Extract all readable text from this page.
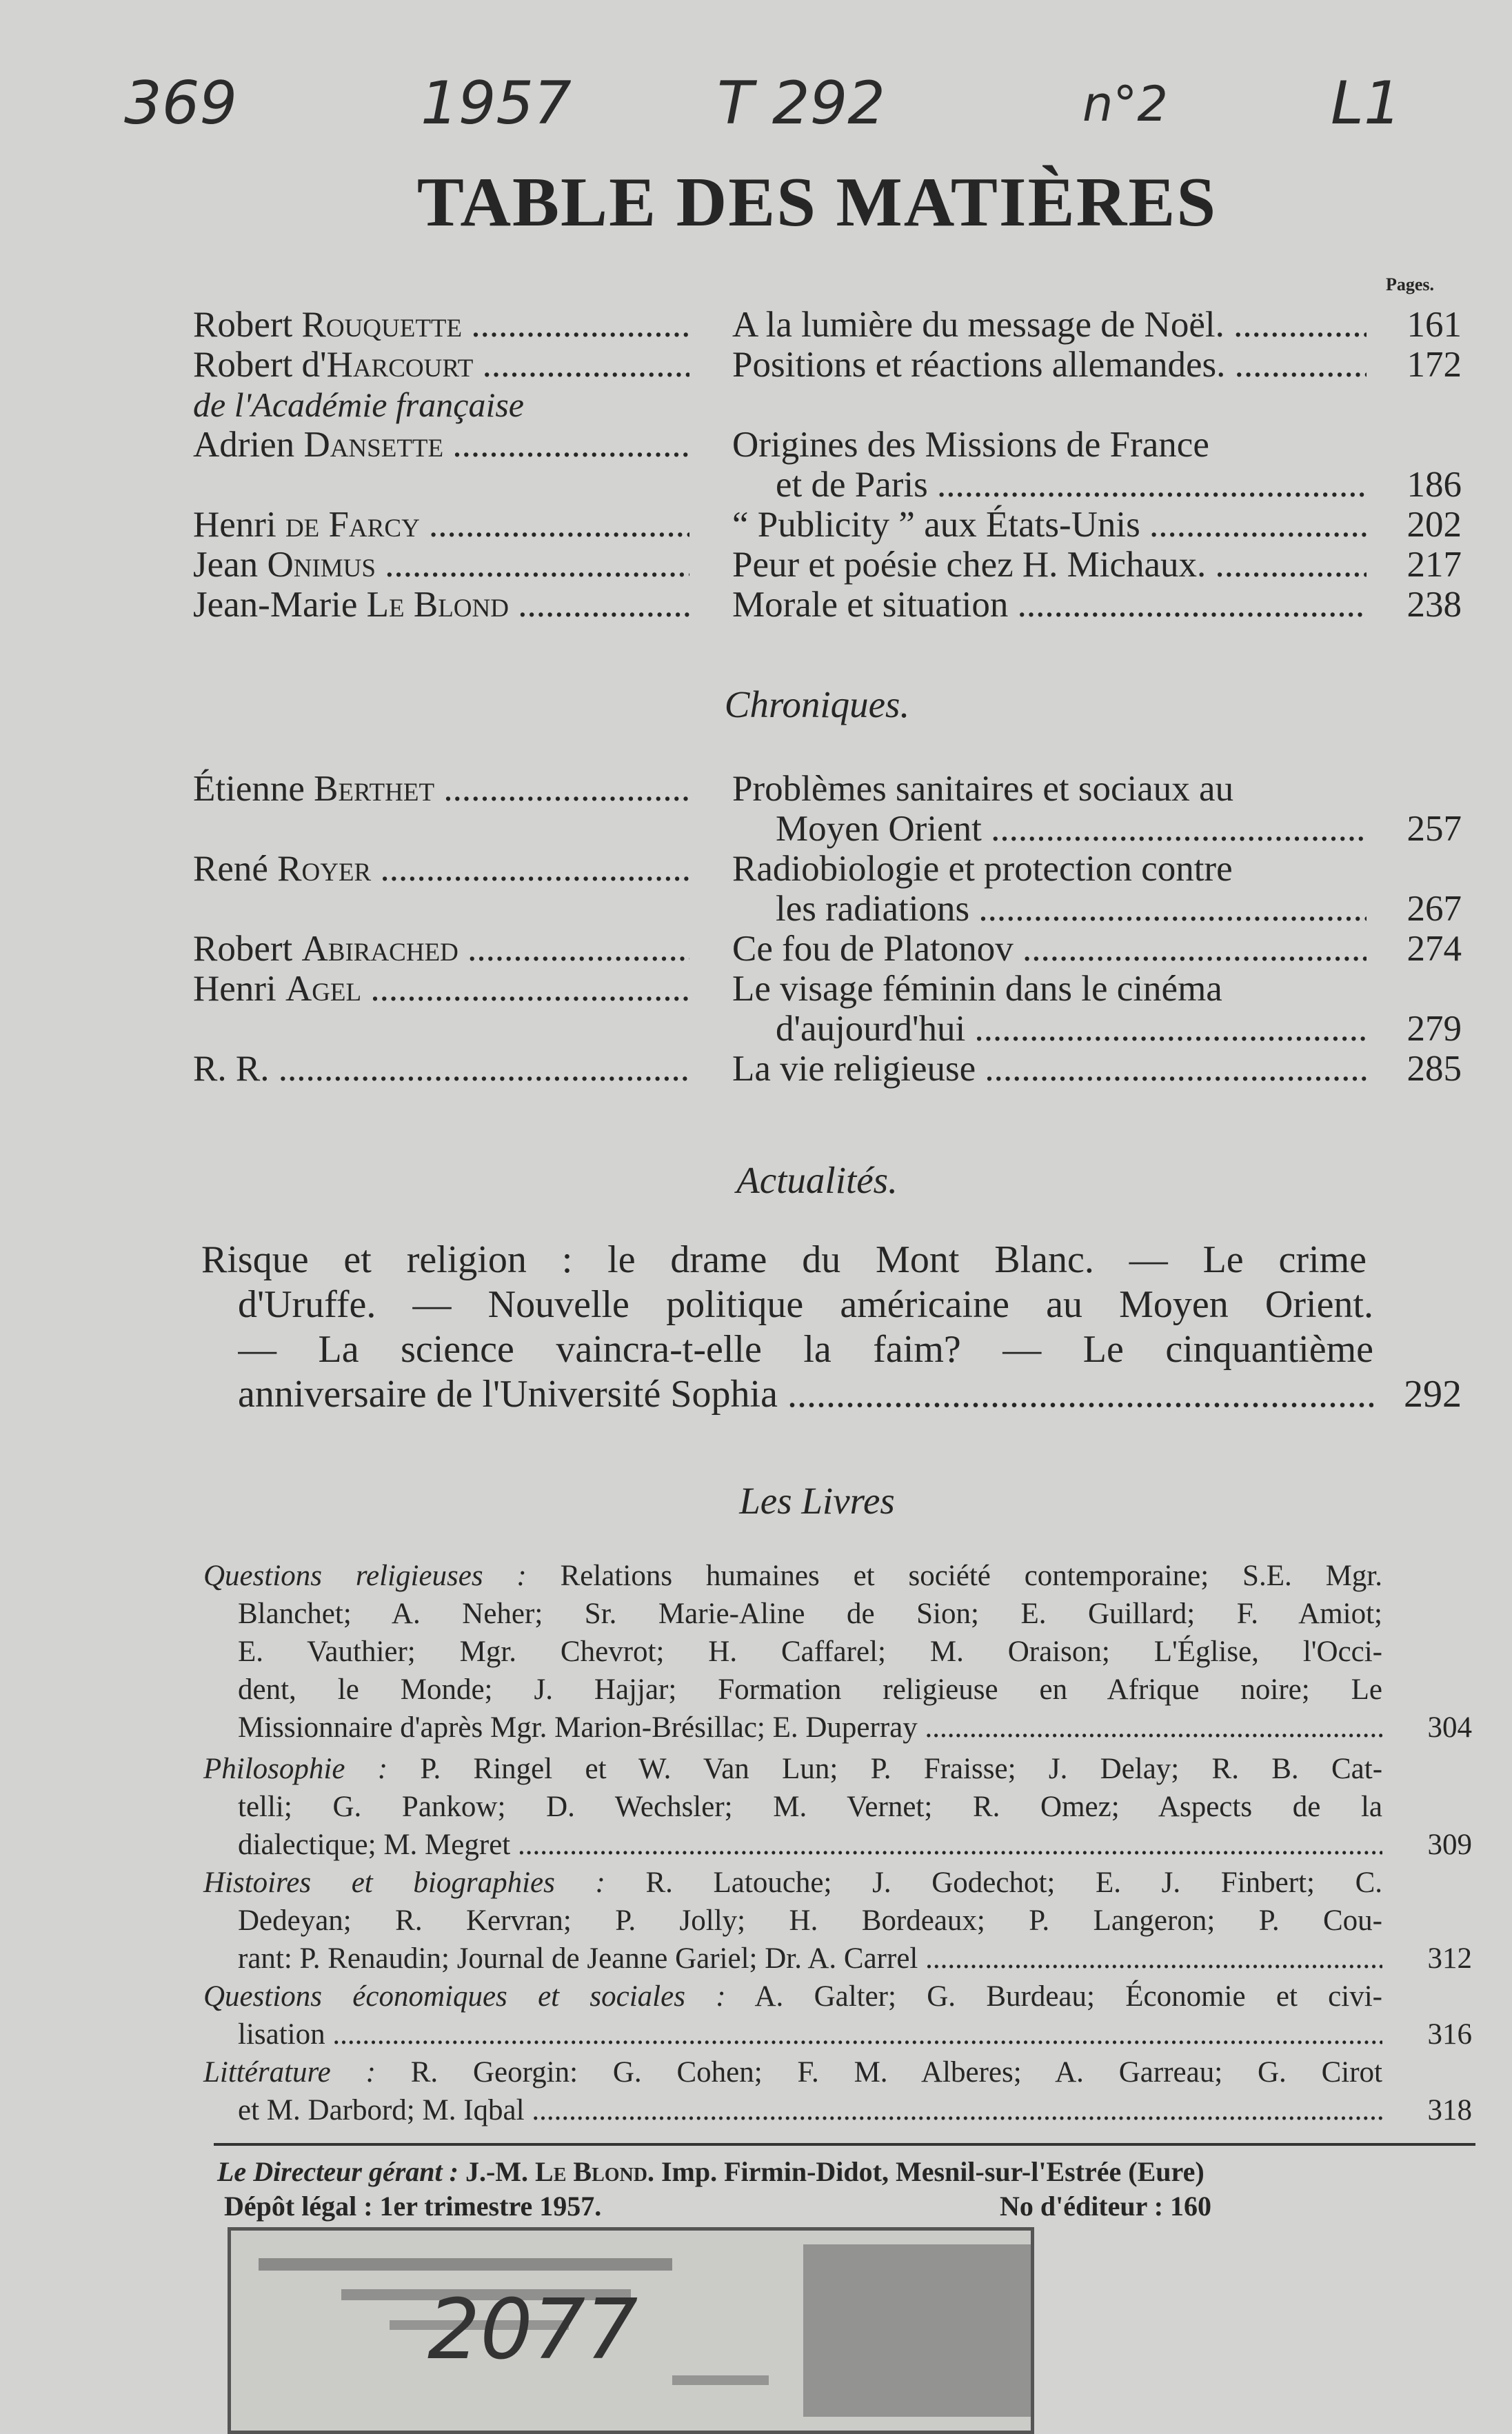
369	1957 T 292	n°2	L1
TABLE DES MATIÈRES
Pages.
Robert Rouquette .....	A la lumière du message de Noël. .....	161
Robert d'Harcourt .....	Positions et réactions allemandes. .....	172
de l'Académie française
Adrien Dansette .....	Origines des Missions de France
et de Paris .....	186
Henri de Farcy .....	“ Publicity ” aux États-Unis .....	202
Jean Onimus .....	Peur et poésie chez H. Michaux. .....	217
Jean-Marie Le Blond .....	Morale et situation .....	238
Chroniques.
Étienne Berthet .....	Problèmes sanitaires et sociaux au
Moyen Orient .....	257
René Royer .....	Radiobiologie et protection contre
les radiations .....	267
Robert Abirached .....	Ce fou de Platonov .....	274
Henri Agel .....	Le visage féminin dans le cinéma
d'aujourd'hui .....	279
R. R. .....	La vie religieuse .....	285
Actualités.
Risque et religion : le drame du Mont Blanc. — Le crime
d'Uruffe. — Nouvelle politique américaine au Moyen Orient.
— La science vaincra-t-elle la faim? — Le cinquantième
anniversaire de l'Université Sophia .....	292
Les Livres
Questions religieuses : Relations humaines et société contemporaine; S.E. Mgr.
Blanchet; A. Neher; Sr. Marie-Aline de Sion; E. Guillard; F. Amiot;
E. Vauthier; Mgr. Chevrot; H. Caffarel; M. Oraison; L'Église, l'Occi-
dent, le Monde; J. Hajjar; Formation religieuse en Afrique noire; Le
Missionnaire d'après Mgr. Marion-Brésillac; E. Duperray .....	304
Philosophie : P. Ringel et W. Van Lun; P. Fraisse; J. Delay; R. B. Cat-
telli; G. Pankow; D. Wechsler; M. Vernet; R. Omez; Aspects de la
dialectique; M. Megret .....	309
Histoires et biographies : R. Latouche; J. Godechot; E. J. Finbert; C.
Dedeyan; R. Kervran; P. Jolly; H. Bordeaux; P. Langeron; P. Cou-
rant: P. Renaudin; Journal de Jeanne Gariel; Dr. A. Carrel .....	312
Questions économiques et sociales : A. Galter; G. Burdeau; Économie et civi-
lisation .....	316
Littérature : R. Georgin: G. Cohen; F. M. Alberes; A. Garreau; G. Cirot
et M. Darbord; M. Iqbal .....	318
Le Directeur gérant : J.-M. Le Blond. Imp. Firmin-Didot, Mesnil-sur-l'Estrée (Eure)
Dépôt légal : 1er trimestre 1957.	No d'éditeur : 160
2077
